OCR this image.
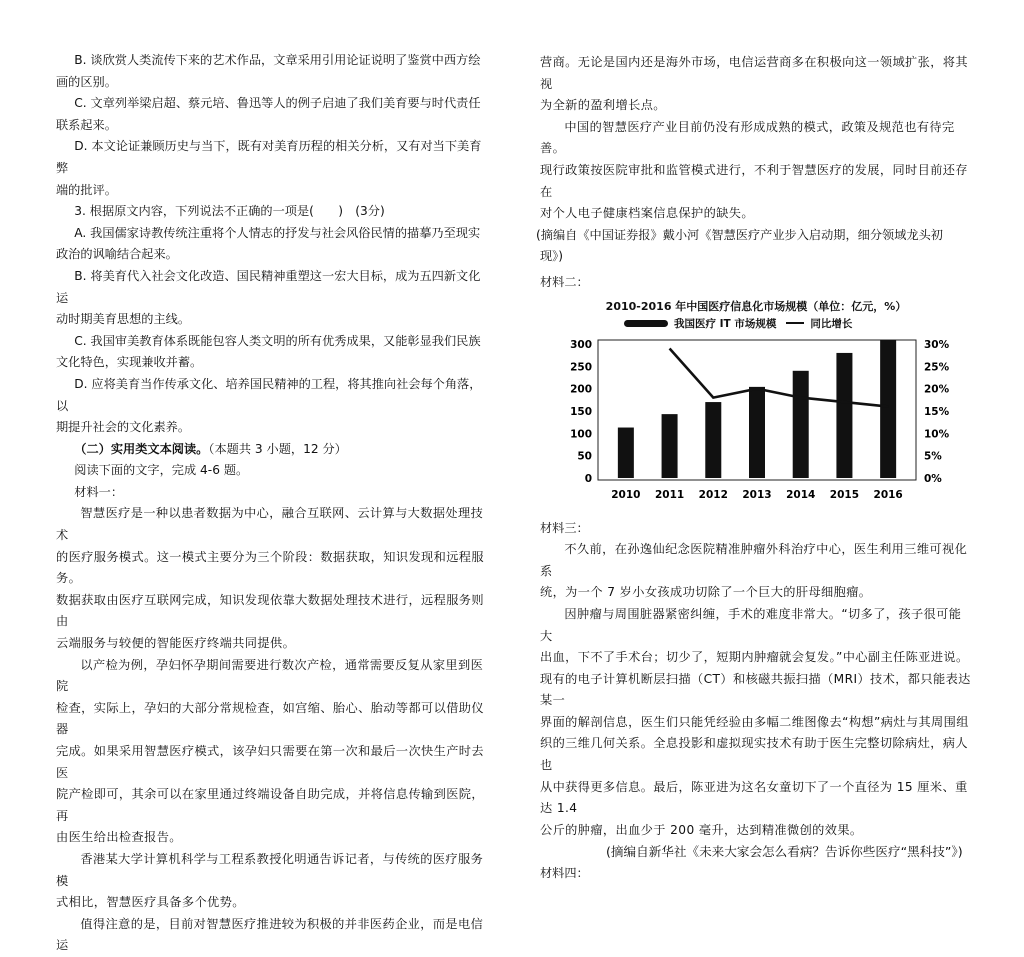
B. 谈欣赏人类流传下来的艺术作品，文章采用引用论证说明了鉴赏中西方绘

画的区别。

C. 文章列举梁启超、蔡元培、鲁迅等人的例子启迪了我们美育要与时代责任

联系起来。

D. 本文论证兼顾历史与当下，既有对美育历程的相关分析，又有对当下美育弊

端的批评。

3. 根据原文内容，下列说法不正确的一项是(　　)　(3分)

A. 我国儒家诗教传统注重将个人情志的抒发与社会风俗民情的描摹乃至现实

政治的讽喻结合起来。

B. 将美育代入社会文化改造、国民精神重塑这一宏大目标，成为五四新文化运

动时期美育思想的主线。

C. 我国审美教育体系既能包容人类文明的所有优秀成果，又能彰显我们民族

文化特色，实现兼收并蓄。

D. 应将美育当作传承文化、培养国民精神的工程，将其推向社会每个角落，以

期提升社会的文化素养。

（二）实用类文本阅读。（本题共 3 小题，12 分）

阅读下面的文字，完成 4-6 题。

材料一：

智慧医疗是一种以患者数据为中心，融合互联网、云计算与大数据处理技术

的医疗服务模式。这一模式主要分为三个阶段：数据获取，知识发现和远程服务。

数据获取由医疗互联网完成，知识发现依靠大数据处理技术进行，远程服务则由

云端服务与较便的智能医疗终端共同提供。

以产检为例，孕妇怀孕期间需要进行数次产检，通常需要反复从家里到医院

检查，实际上，孕妇的大部分常规检查，如宫缩、胎心、胎动等都可以借助仪器

完成。如果采用智慧医疗模式，该孕妇只需要在第一次和最后一次快生产时去医

院产检即可，其余可以在家里通过终端设备自助完成，并将信息传输到医院，再

由医生给出检查报告。

香港某大学计算机科学与工程系教授化明通告诉记者，与传统的医疗服务模

式相比，智慧医疗具备多个优势。

值得注意的是，目前对智慧医疗推进较为积极的并非医药企业，而是电信运

营商。无论是国内还是海外市场，电信运营商多在积极向这一领域扩张，将其视

为全新的盈利增长点。

中国的智慧医疗产业目前仍没有形成成熟的模式，政策及规范也有待完善。

现行政策按医院审批和监管模式进行，不利于智慧医疗的发展，同时目前还存在

对个人电子健康档案信息保护的缺失。

(摘编自《中国证券报》戴小河《智慧医疗产业步入启动期，细分领域龙头初

现》)

材料二：

2010-2016 年中国医疗信息化市场规模（单位：亿元，%）
我国医疗 IT 市场规模	同比增长
0
50
100
150
200
250
300
0%
5%
10%
15%
20%
25%
30%
2010 2011 2012 2013 2014 2015 2016

材料三：

不久前，在孙逸仙纪念医院精准肿瘤外科治疗中心，医生利用三维可视化系

统，为一个 7 岁小女孩成功切除了一个巨大的肝母细胞瘤。

因肿瘤与周围脏器紧密纠缠，手术的难度非常大。“切多了，孩子很可能大

出血，下不了手术台；切少了，短期内肿瘤就会复发。”中心副主任陈亚进说。

现有的电子计算机断层扫描（CT）和核磁共振扫描（MRI）技术，都只能表达某一

界面的解剖信息，医生们只能凭经验由多幅二维图像去“构想”病灶与其周围组

织的三维几何关系。全息投影和虚拟现实技术有助于医生完整切除病灶，病人也

从中获得更多信息。最后，陈亚进为这名女童切下了一个直径为 15 厘米、重达 1.4

公斤的肿瘤，出血少于 200 毫升，达到精准微创的效果。

(摘编自新华社《未来大家会怎么看病？告诉你些医疗“黑科技”》)

材料四：
